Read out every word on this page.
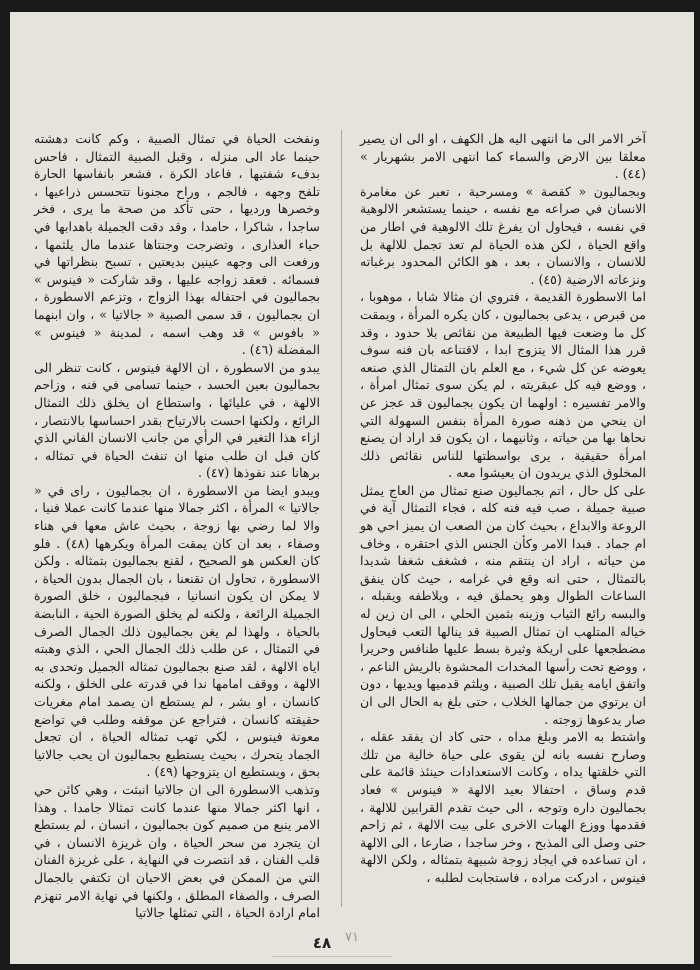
آخر الامر الى ما انتهى اليه هل الكهف ، او الى ان يصير معلقا بين الارض والسماء كما انتهى الامر بشهريار » (٤٤) .

وبجماليون « كقصة » ومسرحية ، تعبر عن مغامرة الانسان في صراعه مع نفسه ، حينما يستشعر الالوهية في نفسه ، فيحاول ان يفرغ تلك الالوهية في اطار من واقع الحياة ، لكن هذه الحياة لم تعد تجمل للالهة بل للانسان ، والانسان ، بعد ، هو الكائن المحدود برغباته ونزعاته الارضية (٤٥) .

اما الاسطورة القديمة ، فتروي ان مثالا شابا ، موهوبا ، من قبرص ، يدعى بجماليون ، كان يكره المرأة ، ويمقت كل ما وضعت فيها الطبيعة من نقائص بلا حدود ، وقد قرر هذا المثال الا يتزوج ابدا ، لاقتناعه بان فنه سوف يعوضه عن كل شيء ، مع العلم بان التمثال الذي صنعه ، ووضع فيه كل عبقريته ، لم يكن سوى تمثال امرأة ، والامر تفسيره : اولهما ان يكون بجماليون قد عجز عن ان ينحي من ذهنه صورة المرأة بنفس السهولة التي نحاها بها من حياته ، وثانيهما ، ان يكون قد اراد ان يصنع امرأة حقيقية ، يرى بواسطتها للناس نقائص ذلك المخلوق الذي يريدون ان يعيشوا معه .

على كل حال ، اتم بجماليون صنع تمثال من العاج يمثل صبية جميلة ، صب فيه فنه كله ، فجاء التمثال آية في الروعة والابداع ، بحيث كان من الصعب ان يميز احي هو ام جماد . فبدا الامر وكأن الجنس الذي احتقره ، وخاف من حياته ، اراد ان ينتقم منه ، فشغف شغفا شديدا بالتمثال ، حتى انه وقع في غرامه ، حيث كان ينفق الساعات الطوال وهو يحملق فيه ، ويلاطفه ويقبله ، والبسه رائع الثياب وزينه بثمين الحلي ، الى ان زين له خياله المتلهب ان تمثال الصبية قد ينالها التعب فيحاول مضطجعها على اريكة وثيرة بسط عليها طنافس وحريرا ، ووضع تحت رأسها المخدات المحشوة بالريش الناعم ، واتفق ايامه يقبل تلك الصبية ، ويلثم قدميها ويديها ، دون ان يرتوي من جمالها الخلاب ، حتى بلغ به الحال الى ان صار يدعوها زوجته .

واشتط به الامر وبلغ مداه ، حتى كاد ان يفقد عقله ، وصارح نفسه بانه لن يقوى على حياة خالية من تلك التي خلقتها يداه ، وكانت الاستعدادات حينئذ قائمة على قدم وساق ، احتفالا بعيد الالهة « فينوس » فعاد بجماليون داره وتوجه ، الى حيث تقدم القرابين للالهة ، فقدمها ووزع الهبات الاخرى على بيت الالهة ، ثم زاحم حتى وصل الى المذبح ، وخر ساجدا ، ضارعا ، الى الالهة ، ان تساعده في ايجاد زوجة شبيهة بتمثاله ، ولكن الالهة فينوس ، ادركت مراده ، فاستجابت لطلبه ،

ونفخت الحياة في تمثال الصبية ، وكم كانت دهشته حينما عاد الى منزله ، وقبل الصبية التمثال ، فاحس بدفء شفتيها ، فاعاد الكرة ، فشعر بانفاسها الحارة تلفح وجهه ، فالجم ، وراح مجنونا تتحسس ذراعيها ، وخصرها ورديها ، حتى تأكد من صحة ما يرى ، فخر ساجدا ، شاكرا ، حامدا ، وقد دقت الجميلة باهدابها في حياء العذارى ، وتضرجت وجنتاها عندما مال يلثمها ، ورفعت الى وجهه عينين بديعتين ، تسبح بنظراتها في فسمائه . فعقد زواجه عليها ، وقد شاركت « فينوس » بجماليون في احتفاله بهذا الزواج ، وتزعم الاسطورة ، ان بجماليون ، قد سمى الصبية « جالاتيا » ، وان ابنهما « بافوس » قد وهب اسمه ، لمدينة « فينوس » المفضلة (٤٦) .

يبدو من الاسطورة ، ان الالهة فينوس ، كانت تنظر الى بجماليون بعين الحسد ، حينما تسامى في فنه ، وزاحم الالهة ، في عليائها ، واستطاع ان يخلق ذلك التمثال الرائع ، ولكنها احست بالارتياح بقدر احساسها بالانتصار ، ازاء هذا التغير في الرأي من جانب الانسان الفاني الذي كان قبل ان طلب منها ان تنفث الحياة في تمثاله ، برهانا عند نفوذها (٤٧) .

ويبدو ايضا من الاسطورة ، ان بجماليون ، راى في « جالاتيا » المرأة ، اكثر جمالا منها عندما كانت عملا فنيا ، والا لما رضي بها زوجة ، بحيث عاش معها في هناء وصفاء ، بعد ان كان يمقت المرأة ويكرهها (٤٨) . فلو كان العكس هو الصحيح ، لقنع بجماليون بتمثاله . ولكن الاسطورة ، تحاول ان تقنعنا ، بان الجمال بدون الحياة ، لا يمكن ان يكون انسانيا ، فبجماليون ، خلق الصورة الجميلة الرائعة ، ولكنه لم يخلق الصورة الحية ، النابضة بالحياة ، ولهذا لم يغن بجماليون ذلك الجمال الصرف في التمثال ، عن طلب ذلك الجمال الحي ، الذي وهبته اياه الالهة ، لقد صنع بجماليون تمثاله الجميل وتحدى به الالهة ، ووقف امامها ندا في قدرته على الخلق ، ولكنه كانسان ، او بشر ، لم يستطع ان يصمد امام مغريات حقيقته كانسان ، فتراجع عن موقفه وطلب في تواضع معونة فينوس ، لكي تهب تمثاله الحياة ، ان تجعل الجماد يتحرك ، بحيث يستطيع بجماليون ان يحب جالاتيا بحق ، ويستطيع ان يتزوجها (٤٩) .

وتذهب الاسطورة الى ان جالاتيا انبثت ، وهي كائن حي ، انها اكثر جمالا منها عندما كانت تمثالا جامدا . وهذا الامر ينبع من صميم كون بجماليون ، انسان ، لم يستطع ان يتجرد من سحر الحياة ، وان غريزة الانسان ، في قلب الفنان ، قد انتصرت في النهاية ، على غريزة الفنان التي من الممكن في بعض الاحيان ان تكتفي بالجمال الصرف ، والصفاء المطلق ، ولكنها في نهاية الامر تنهزم امام ارادة الحياة ، التي تمثلها جالاتيا

٤٨	٧١
